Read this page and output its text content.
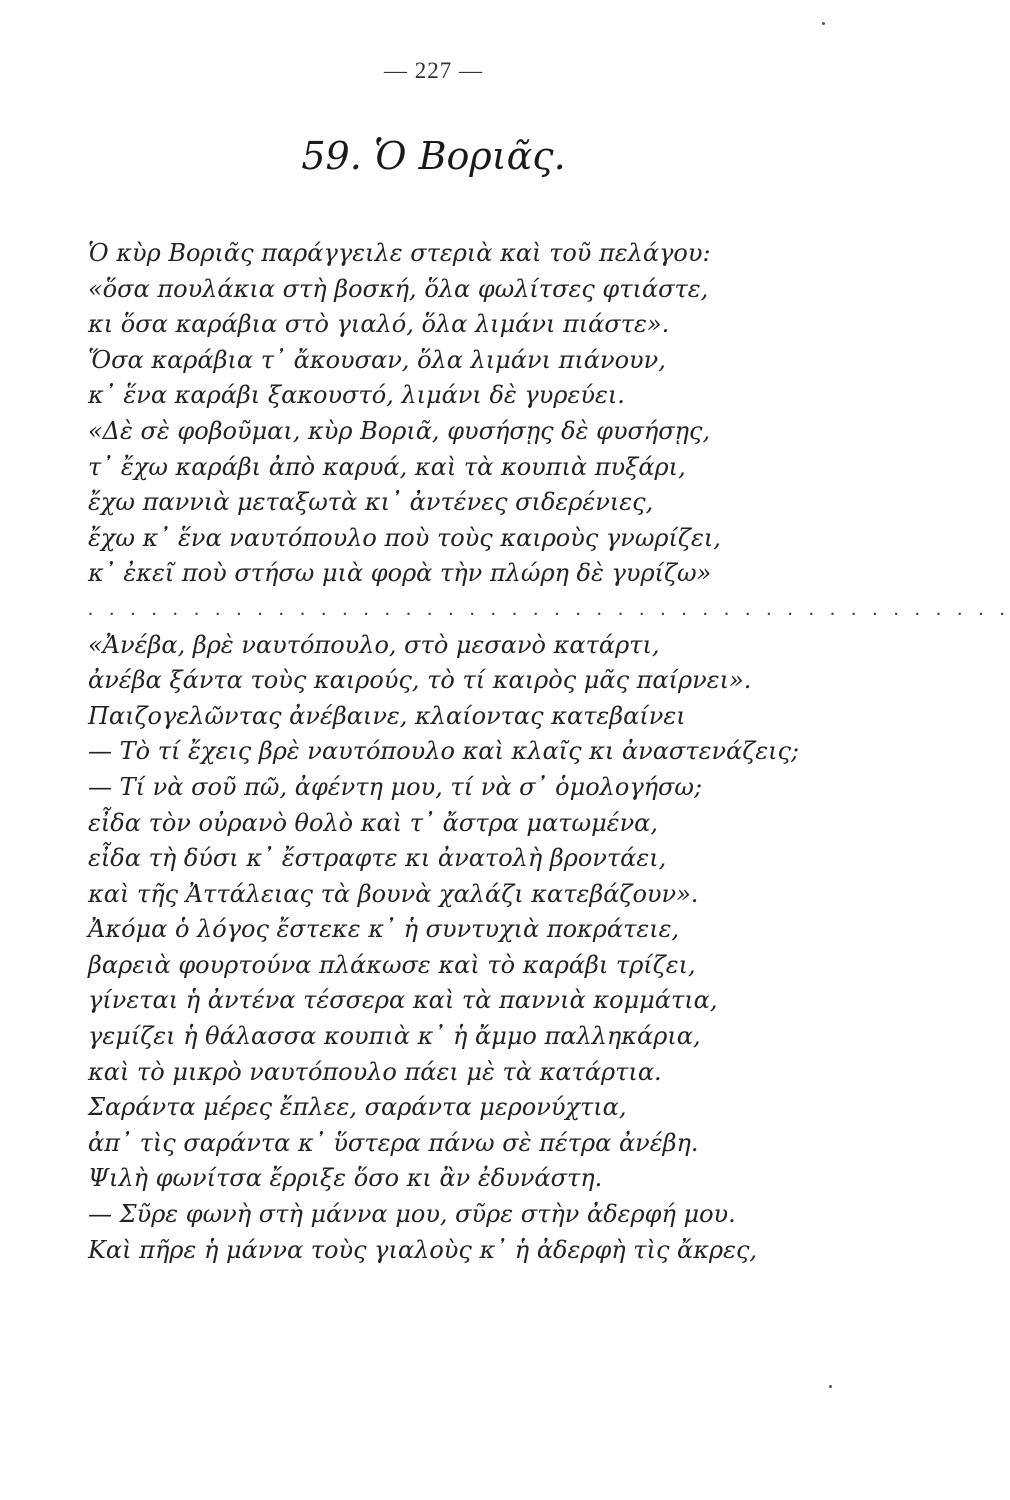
— 227 —
59. Ὁ Βοριᾶς.
Ὁ κὺρ Βοριᾶς παράγγειλε στεριὰ καὶ τοῦ πελάγου:
«ὅσα πουλάκια στὴ βοσκή, ὅλα φωλίτσες φτιάστε,
κι ὅσα καράβια στὸ γιαλό, ὅλα λιμάνι πιάστε».
Ὅσα καράβια τ᾿ ἄκουσαν, ὅλα λιμάνι πιάνουν,
κ᾿ ἕνα καράβι ξακουστό, λιμάνι δὲ γυρεύει.
«Δὲ σὲ φοβοῦμαι, κὺρ Βοριᾶ, φυσήσῃς δὲ φυσήσῃς,
τ᾿ ἔχω καράβι ἀπὸ καρυά, καὶ τὰ κουπιὰ πυξάρι,
ἔχω παννιὰ μεταξωτὰ κι᾿ ἀντένες σιδερένιες,
ἔχω κ᾿ ἕνα ναυτόπουλο ποὺ τοὺς καιροὺς γνωρίζει,
κ᾿ ἐκεῖ ποὺ στήσω μιὰ φορὰ τὴν πλώρη δὲ γυρίζω»
. . . . . . . . . . . . . . . . . . . . . . . . . . . . . . . . . . . . . . . . . . . .
«Ἀνέβα, βρὲ ναυτόπουλο, στὸ μεσανὸ κατάρτι,
ἀνέβα ξάντα τοὺς καιρούς, τὸ τί καιρὸς μᾶς παίρνει».
Παιζογελῶντας ἀνέβαινε, κλαίοντας κατεβαίνει
— Τὸ τί ἔχεις βρὲ ναυτόπουλο καὶ κλαῖς κι ἀναστενάζεις;
— Τί νὰ σοῦ πῶ, ἀφέντη μου, τί νὰ σ᾿ ὁμολογήσω;
εἶδα τὸν οὐρανὸ θολὸ καὶ τ᾿ ἄστρα ματωμένα,
εἶδα τὴ δύσι κ᾿ ἔστραφτε κι ἀνατολὴ βροντάει,
καὶ τῆς Ἀττάλειας τὰ βουνὰ χαλάζι κατεβάζουν».
Ἀκόμα ὁ λόγος ἔστεκε κ᾿ ἡ συντυχιὰ ποκράτειε,
βαρειὰ φουρτούνα πλάκωσε καὶ τὸ καράβι τρίζει,
γίνεται ἡ ἀντένα τέσσερα καὶ τὰ παννιὰ κομμάτια,
γεμίζει ἡ θάλασσα κουπιὰ κ᾿ ἡ ἄμμο παλληκάρια,
καὶ τὸ μικρὸ ναυτόπουλο πάει μὲ τὰ κατάρτια.
Σαράντα μέρες ἔπλεε, σαράντα μερονύχτια,
ἀπ᾿ τὶς σαράντα κ᾿ ὕστερα πάνω σὲ πέτρα ἀνέβη.
Ψιλὴ φωνίτσα ἔρριξε ὅσο κι ἂν ἐδυνάστη.
— Σῦρε φωνὴ στὴ μάννα μου, σῦρε στὴν ἀδερφή μου.
Καὶ πῆρε ἡ μάννα τοὺς γιαλοὺς κ᾿ ἡ ἀδερφὴ τὶς ἄκρες,
